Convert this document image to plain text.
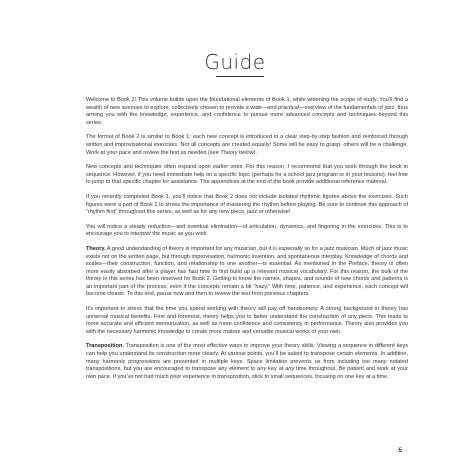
Guide

Welcome to Book 2! This volume builds upon the foundational elements of Book 1, while widening the scope of study. You’ll find a wealth of new avenues to explore, collectively chosen to provide a wide—and practical—overview of the fundamentals of jazz, thus arming you with the knowledge, experience, and confidence to pursue more advanced concepts and techniques beyond this series.

The format of Book 2 is similar to Book 1: each new concept is introduced in a clear step-by-step fashion and reinforced through written and improvisational exercises. Not all concepts are created equally! Some will be easy to grasp, others will be a challenge. Work at your pace and review the text as needed (see Theory below).

New concepts and techniques often expand upon earlier ones. For this reason, I recommend that you work through the book in sequence. However, if you need immediate help on a specific topic (perhaps for a school jazz program or in your lessons), feel free to jump to that specific chapter for assistance. The appendices at the end of the book provide additional reference material.

If you recently completed Book 1, you’ll notice that Book 2 does not include isolated rhythmic figures above the exercises. Such figures were a part of Book 1 to stress the importance of mastering the rhythm before playing. Be sure to continue this approach of “rhythm first” throughout this series, as well as for any new piece, jazz or otherwise!

You will notice a steady reduction—and eventual elimination—of articulation, dynamics, and fingering in the exercises. This is to encourage you to interpret the music as you wish.

Theory. A good understanding of theory is important for any musician, but it is especially so for a jazz musician. Much of jazz music exists not on the written page, but through improvisation, harmonic invention, and spontaneous interplay. Knowledge of chords and scales—their construction, function, and relationship to one another—is essential. As mentioned in the Preface, theory is often more easily absorbed after a player has had time to first build up a relevant musical vocabulary. For this reason, the bulk of the theory in this series has been reserved for Book 2. Getting to know the names, shapes, and sounds of new chords and patterns is an important part of the process, even if the concepts remain a bit “hazy.” With time, patience, and experience, each concept will become clearer. To this end, pause now and then to review the text from previous chapters.

It’s important to stress that the time you spend working with theory will pay off handsomely. A strong background in theory has universal musical benefits. First and foremost, theory helps you to better understand the construction of any piece. This leads to more accurate and efficient memorization, as well as more confidence and consistency in performance. Theory also provides you with the necessary harmonic knowledge to create more mature and versatile musical works of your own.

Transposition. Transposition is one of the most effective ways to improve your theory skills. Viewing a sequence in different keys can help you understand its construction more clearly. At various points, you’ll be asked to transpose certain elements. In addition, many harmonic progressions are presented in multiple keys. Space limitation prevents us from including too many notated transpositions, but you are encouraged to transpose any element to any key at any time throughout. Be patient and work at your own pace. If you’ve not had much prior experience in transposition, stick to small sequences, focusing on one key at a time.

5
